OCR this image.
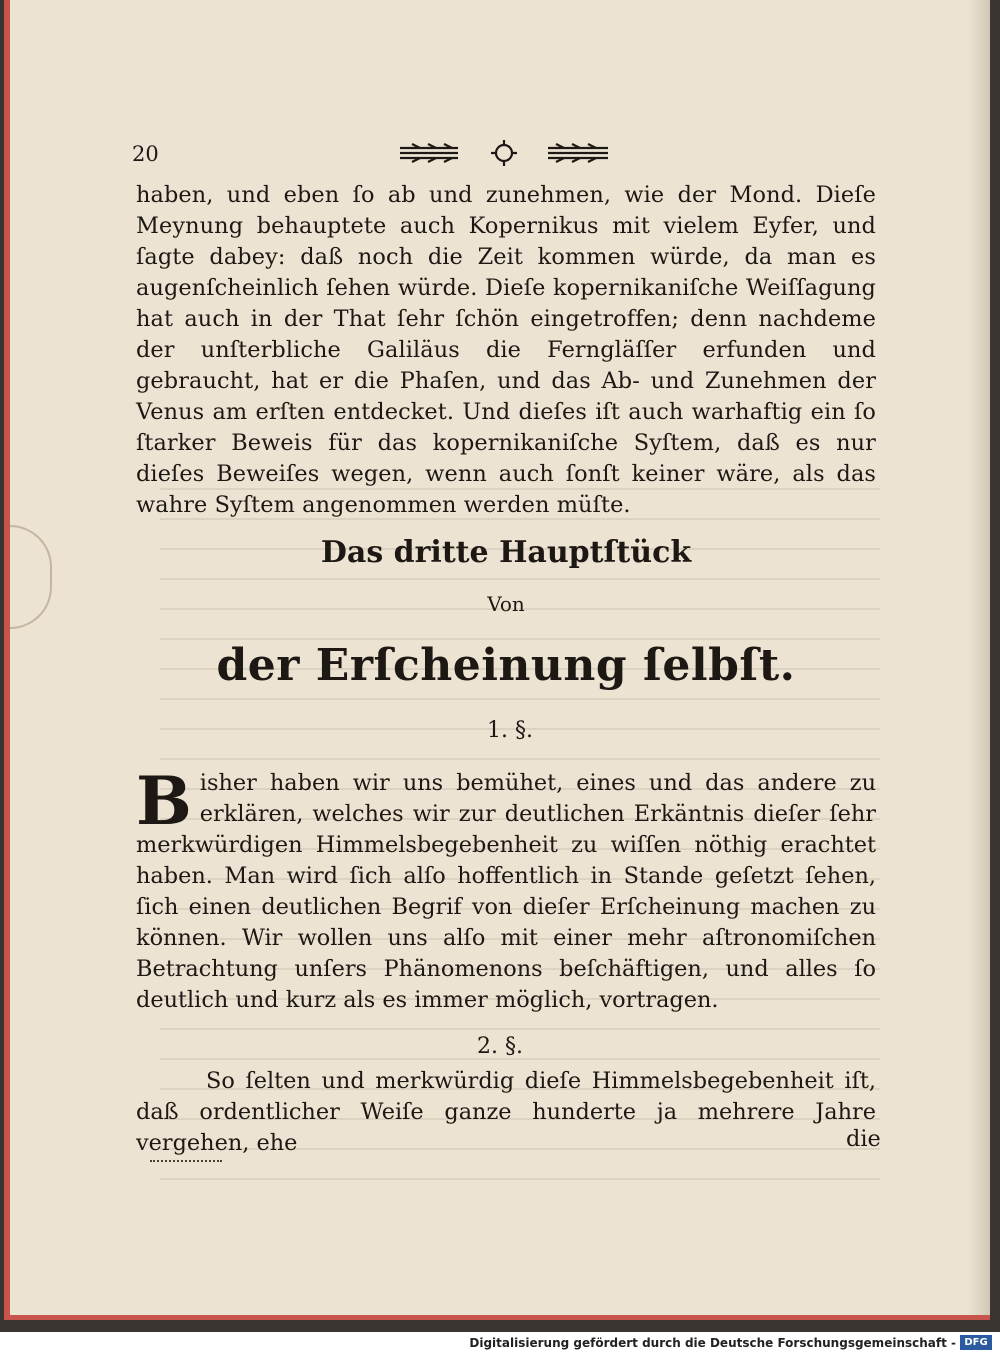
20
haben, und eben ſo ab und zunehmen, wie der Mond. Dieſe Meynung behauptete auch Kopernikus mit vielem Eyfer, und ſagte dabey: daß noch die Zeit kommen würde, da man es augenſcheinlich ſehen würde. Dieſe kopernikaniſche Weiſſagung hat auch in der That ſehr ſchön eingetroffen; denn nachdeme der unſterbliche Galiläus die Ferngläſſer erfunden und gebraucht, hat er die Phaſen, und das Ab- und Zunehmen der Venus am erſten entdecket. Und dieſes iſt auch warhaftig ein ſo ſtarker Beweis für das kopernikaniſche Syſtem, daß es nur dieſes Beweiſes wegen, wenn auch ſonſt keiner wäre, als das wahre Syſtem angenommen werden müſte.
Das dritte Hauptſtück
Von
der Erſcheinung ſelbſt.
1. §.
B isher haben wir uns bemühet, eines und das andere zu erklären, welches wir zur deutlichen Erkäntnis dieſer ſehr merkwürdigen Himmelsbegebenheit zu wiſſen nöthig erachtet haben. Man wird ſich alſo hoffentlich in Stande geſetzt ſehen, ſich einen deutlichen Begrif von dieſer Erſcheinung machen zu können. Wir wollen uns alſo mit einer mehr aſtronomiſchen Betrachtung unſers Phänomenons beſchäftigen, und alles ſo deutlich und kurz als es immer möglich, vortragen.
2. §.
So ſelten und merkwürdig dieſe Himmelsbegebenheit iſt, daß ordentlicher Weiſe ganze hunderte ja mehrere Jahre vergehen, ehe	die
Digitalisierung gefördert durch die Deutsche Forschungsgemeinschaft - DFG
